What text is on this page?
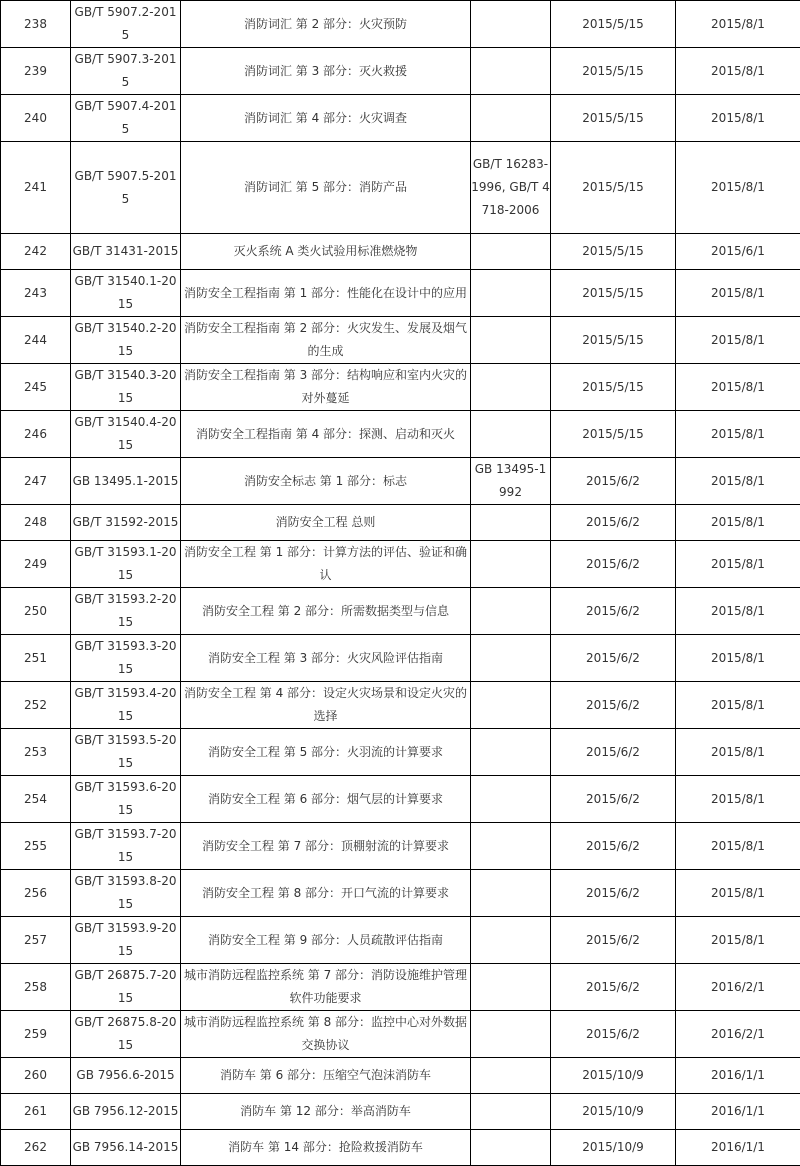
238	GB/T 5907.2-2015	消防词汇 第 2 部分：火灾预防		2015/5/15	2015/8/1
239	GB/T 5907.3-2015	消防词汇 第 3 部分：灭火救援		2015/5/15	2015/8/1
240	GB/T 5907.4-2015	消防词汇 第 4 部分：火灾调查		2015/5/15	2015/8/1
241	GB/T 5907.5-2015	消防词汇 第 5 部分：消防产品	GB/T 16283-1996, GB/T 4718-2006	2015/5/15	2015/8/1
242	GB/T 31431-2015	灭火系统 A 类火试验用标准燃烧物		2015/5/15	2015/6/1
243	GB/T 31540.1-2015	消防安全工程指南 第 1 部分：性能化在设计中的应用		2015/5/15	2015/8/1
244	GB/T 31540.2-2015	消防安全工程指南 第 2 部分：火灾发生、发展及烟气的生成		2015/5/15	2015/8/1
245	GB/T 31540.3-2015	消防安全工程指南 第 3 部分：结构响应和室内火灾的对外蔓延		2015/5/15	2015/8/1
246	GB/T 31540.4-2015	消防安全工程指南 第 4 部分：探测、启动和灭火		2015/5/15	2015/8/1
247	GB 13495.1-2015	消防安全标志 第 1 部分：标志	GB 13495-1992	2015/6/2	2015/8/1
248	GB/T 31592-2015	消防安全工程 总则		2015/6/2	2015/8/1
249	GB/T 31593.1-2015	消防安全工程 第 1 部分：计算方法的评估、验证和确认		2015/6/2	2015/8/1
250	GB/T 31593.2-2015	消防安全工程 第 2 部分：所需数据类型与信息		2015/6/2	2015/8/1
251	GB/T 31593.3-2015	消防安全工程 第 3 部分：火灾风险评估指南		2015/6/2	2015/8/1
252	GB/T 31593.4-2015	消防安全工程 第 4 部分：设定火灾场景和设定火灾的选择		2015/6/2	2015/8/1
253	GB/T 31593.5-2015	消防安全工程 第 5 部分：火羽流的计算要求		2015/6/2	2015/8/1
254	GB/T 31593.6-2015	消防安全工程 第 6 部分：烟气层的计算要求		2015/6/2	2015/8/1
255	GB/T 31593.7-2015	消防安全工程 第 7 部分：顶棚射流的计算要求		2015/6/2	2015/8/1
256	GB/T 31593.8-2015	消防安全工程 第 8 部分：开口气流的计算要求		2015/6/2	2015/8/1
257	GB/T 31593.9-2015	消防安全工程 第 9 部分：人员疏散评估指南		2015/6/2	2015/8/1
258	GB/T 26875.7-2015	城市消防远程监控系统 第 7 部分：消防设施维护管理软件功能要求		2015/6/2	2016/2/1
259	GB/T 26875.8-2015	城市消防远程监控系统 第 8 部分：监控中心对外数据交换协议		2015/6/2	2016/2/1
260	GB 7956.6-2015	消防车 第 6 部分：压缩空气泡沫消防车		2015/10/9	2016/1/1
261	GB 7956.12-2015	消防车 第 12 部分：举高消防车		2015/10/9	2016/1/1
262	GB 7956.14-2015	消防车 第 14 部分：抢险救援消防车		2015/10/9	2016/1/1
